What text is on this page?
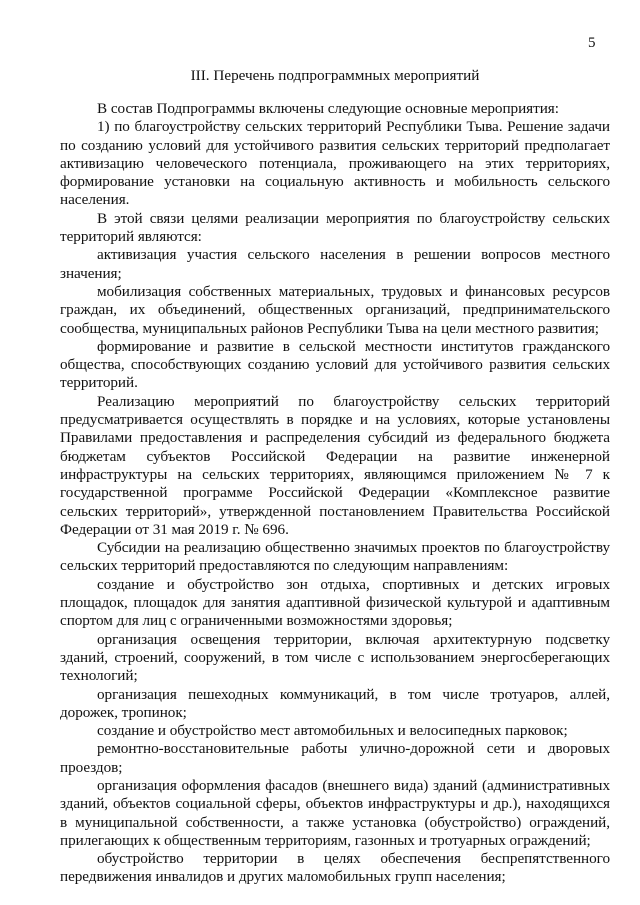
5
III. Перечень подпрограммных мероприятий

В состав Подпрограммы включены следующие основные мероприятия:

1) по благоустройству сельских территорий Республики Тыва. Решение задачи по созданию условий для устойчивого развития сельских территорий предполагает активизацию человеческого потенциала, проживающего на этих территориях, формирование установки на социальную активность и мобильность сельского населения.

В этой связи целями реализации мероприятия по благоустройству сельских территорий являются:

активизация участия сельского населения в решении вопросов местного значения;

мобилизация собственных материальных, трудовых и финансовых ресурсов граждан, их объединений, общественных организаций, предпринимательского сообщества, муниципальных районов Республики Тыва на цели местного развития;

формирование и развитие в сельской местности институтов гражданского общества, способствующих созданию условий для устойчивого развития сельских территорий.

Реализацию мероприятий по благоустройству сельских территорий предусматривается осуществлять в порядке и на условиях, которые установлены Правилами предоставления и распределения субсидий из федерального бюджета бюджетам субъектов Российской Федерации на развитие инженерной инфраструктуры на сельских территориях, являющимся приложением № 7 к государственной программе Российской Федерации «Комплексное развитие сельских территорий», утвержденной постановлением Правительства Российской Федерации от 31 мая 2019 г. № 696.

Субсидии на реализацию общественно значимых проектов по благоустройству сельских территорий предоставляются по следующим направлениям:

создание и обустройство зон отдыха, спортивных и детских игровых площадок, площадок для занятия адаптивной физической культурой и адаптивным спортом для лиц с ограниченными возможностями здоровья;

организация освещения территории, включая архитектурную подсветку зданий, строений, сооружений, в том числе с использованием энергосберегающих технологий;

организация пешеходных коммуникаций, в том числе тротуаров, аллей, дорожек, тропинок;

создание и обустройство мест автомобильных и велосипедных парковок;

ремонтно-восстановительные работы улично-дорожной сети и дворовых проездов;

организация оформления фасадов (внешнего вида) зданий (административных зданий, объектов социальной сферы, объектов инфраструктуры и др.), находящихся в муниципальной собственности, а также установка (обустройство) ограждений, прилегающих к общественным территориям, газонных и тротуарных ограждений;

обустройство территории в целях обеспечения беспрепятственного передвижения инвалидов и других маломобильных групп населения;
